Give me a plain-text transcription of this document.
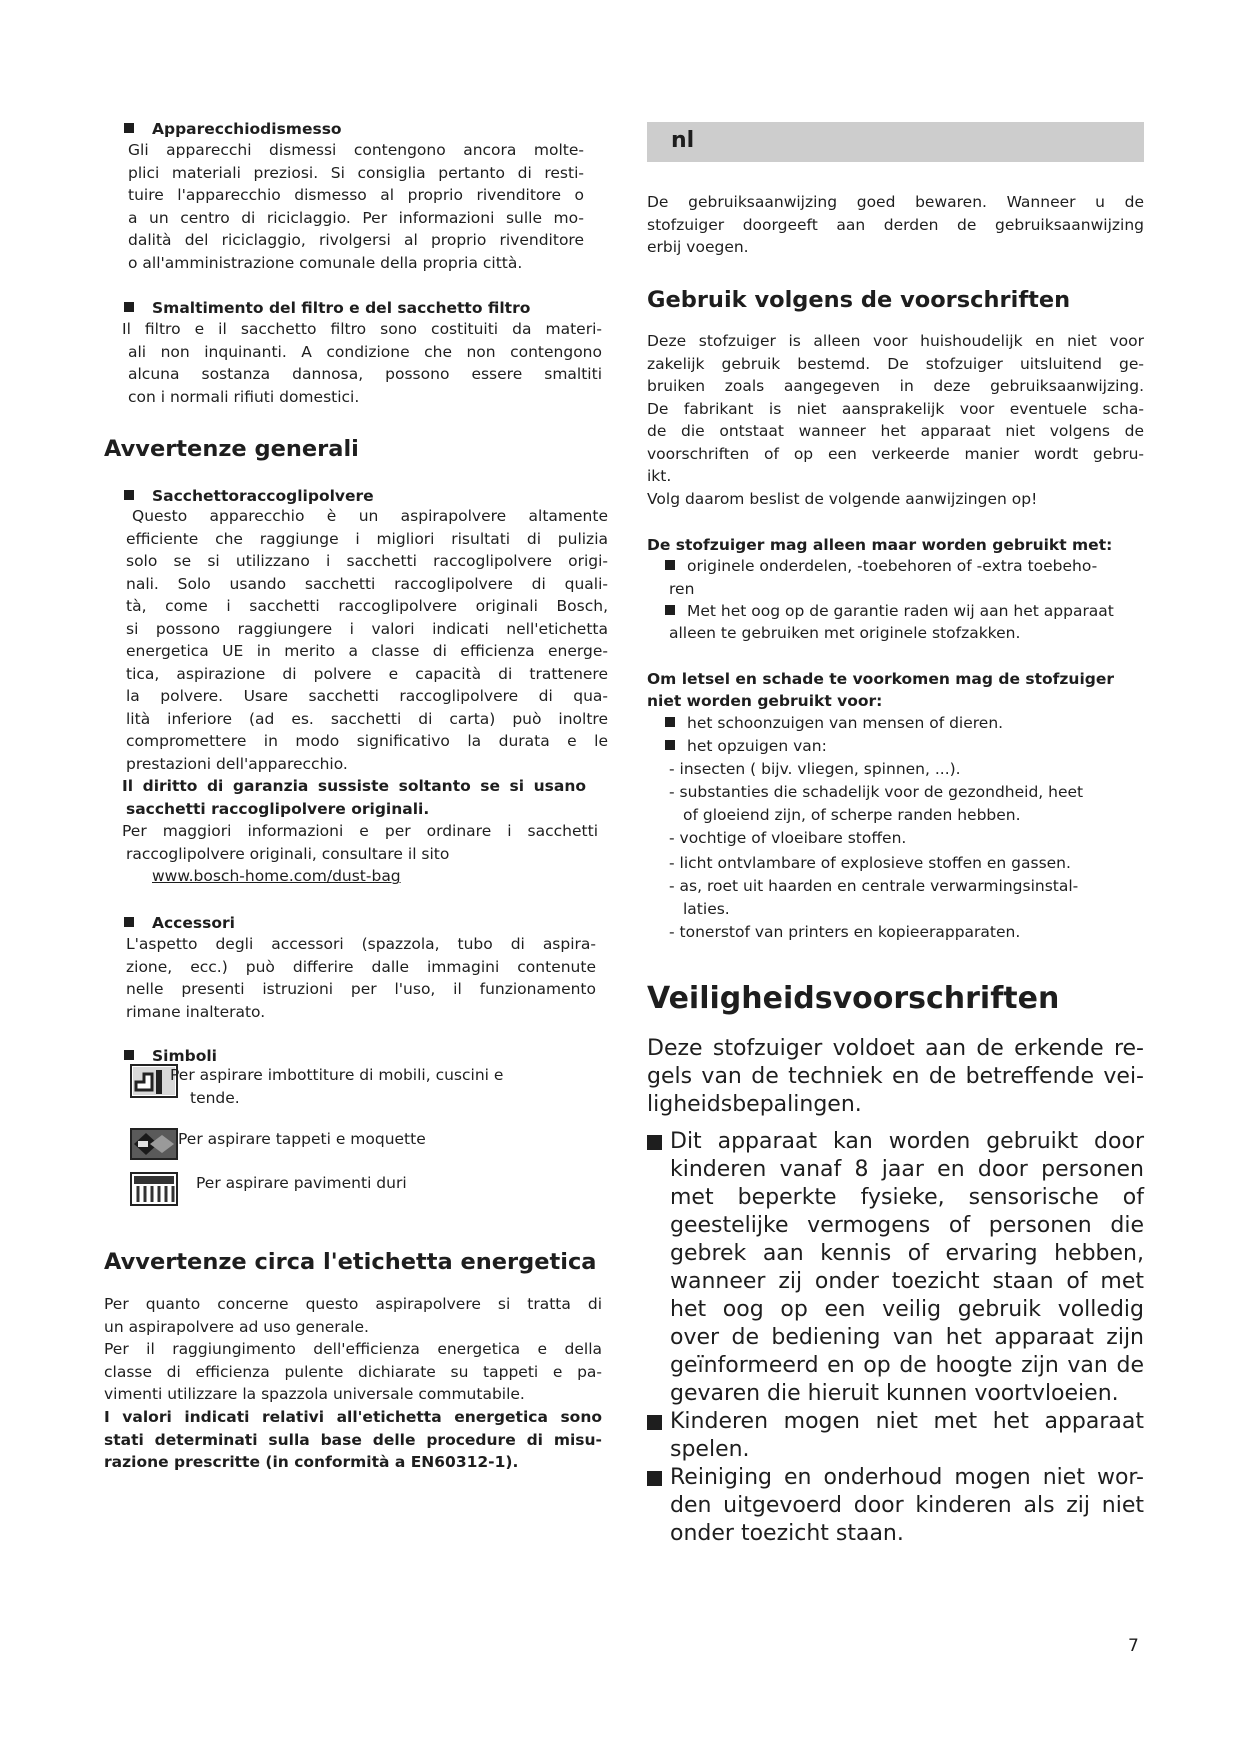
Apparecchiodismesso
Gli apparecchi dismessi contengono ancora molte-
plici materiali preziosi. Si consiglia pertanto di resti-
tuire l'apparecchio dismesso al proprio rivenditore o
a un centro di riciclaggio. Per informazioni sulle mo-
dalità del riciclaggio, rivolgersi al proprio rivenditore
o all'amministrazione comunale della propria città.
Smaltimento del filtro e del sacchetto filtro
Il filtro e il sacchetto filtro sono costituiti da materi-
ali non inquinanti. A condizione che non contengono
alcuna sostanza dannosa, possono essere smaltiti
con i normali rifiuti domestici.
Avvertenze generali
Sacchettoraccoglipolvere
Questo apparecchio è un aspirapolvere altamente
efficiente che raggiunge i migliori risultati di pulizia
solo se si utilizzano i sacchetti raccoglipolvere origi-
nali. Solo usando sacchetti raccoglipolvere di quali-
tà, come i sacchetti raccoglipolvere originali Bosch,
si possono raggiungere i valori indicati nell'etichetta
energetica UE in merito a classe di efficienza energe-
tica, aspirazione di polvere e capacità di trattenere
la polvere. Usare sacchetti raccoglipolvere di qua-
lità inferiore (ad es. sacchetti di carta) può inoltre
compromettere in modo significativo la durata e le
prestazioni dell'apparecchio.
Il diritto di garanzia sussiste soltanto se si usano
sacchetti raccoglipolvere originali.
Per maggiori informazioni e per ordinare i sacchetti
raccoglipolvere originali, consultare il sito
www.bosch-home.com/dust-bag
Accessori
L'aspetto degli accessori (spazzola, tubo di aspira-
zione, ecc.) può differire dalle immagini contenute
nelle presenti istruzioni per l'uso, il funzionamento
rimane inalterato.
Simboli
Per aspirare imbottiture di mobili, cuscini e
tende.
Per aspirare tappeti e moquette
Per aspirare pavimenti duri
Avvertenze circa l'etichetta energetica
Per quanto concerne questo aspirapolvere si tratta di
un aspirapolvere ad uso generale.
Per il raggiungimento dell'efficienza energetica e della
classe di efficienza pulente dichiarate su tappeti e pa-
vimenti utilizzare la spazzola universale commutabile.
I valori indicati relativi all'etichetta energetica sono
stati determinati sulla base delle procedure di misu-
razione prescritte (in conformità a EN60312-1).
nl
De gebruiksaanwijzing goed bewaren. Wanneer u de
stofzuiger doorgeeft aan derden de gebruiksaanwijzing
erbij voegen.
Gebruik volgens de voorschriften
Deze stofzuiger is alleen voor huishoudelijk en niet voor
zakelijk gebruik bestemd. De stofzuiger uitsluitend ge-
bruiken zoals aangegeven in deze gebruiksaanwijzing.
De fabrikant is niet aansprakelijk voor eventuele scha-
de die ontstaat wanneer het apparaat niet volgens de
voorschriften of op een verkeerde manier wordt gebru-
ikt.
Volg daarom beslist de volgende aanwijzingen op!
De stofzuiger mag alleen maar worden gebruikt met:
originele onderdelen, -toebehoren of -extra toebeho-
ren
Met het oog op de garantie raden wij aan het apparaat
alleen te gebruiken met originele stofzakken.
Om letsel en schade te voorkomen mag de stofzuiger
niet worden gebruikt voor:
het schoonzuigen van mensen of dieren.
het opzuigen van:
- insecten ( bijv. vliegen, spinnen, ...).
- substanties die schadelijk voor de gezondheid, heet
of gloeiend zijn, of scherpe randen hebben.
- vochtige of vloeibare stoffen.
- licht ontvlambare of explosieve stoffen en gassen.
- as, roet uit haarden en centrale verwarmingsinstal-
laties.
- tonerstof van printers en kopieerapparaten.
Veiligheidsvoorschriften
Deze stofzuiger voldoet aan de erkende re-
gels van de techniek en de betreffende vei-
ligheidsbepalingen.
Dit apparaat kan worden gebruikt door
kinderen vanaf 8 jaar en door personen
met beperkte fysieke, sensorische of
geestelijke vermogens of personen die
gebrek aan kennis of ervaring hebben,
wanneer zij onder toezicht staan of met
het oog op een veilig gebruik volledig
over de bediening van het apparaat zijn
geïnformeerd en op de hoogte zijn van de
gevaren die hieruit kunnen voortvloeien.
Kinderen mogen niet met het apparaat
spelen.
Reiniging en onderhoud mogen niet wor-
den uitgevoerd door kinderen als zij niet
onder toezicht staan.
7
